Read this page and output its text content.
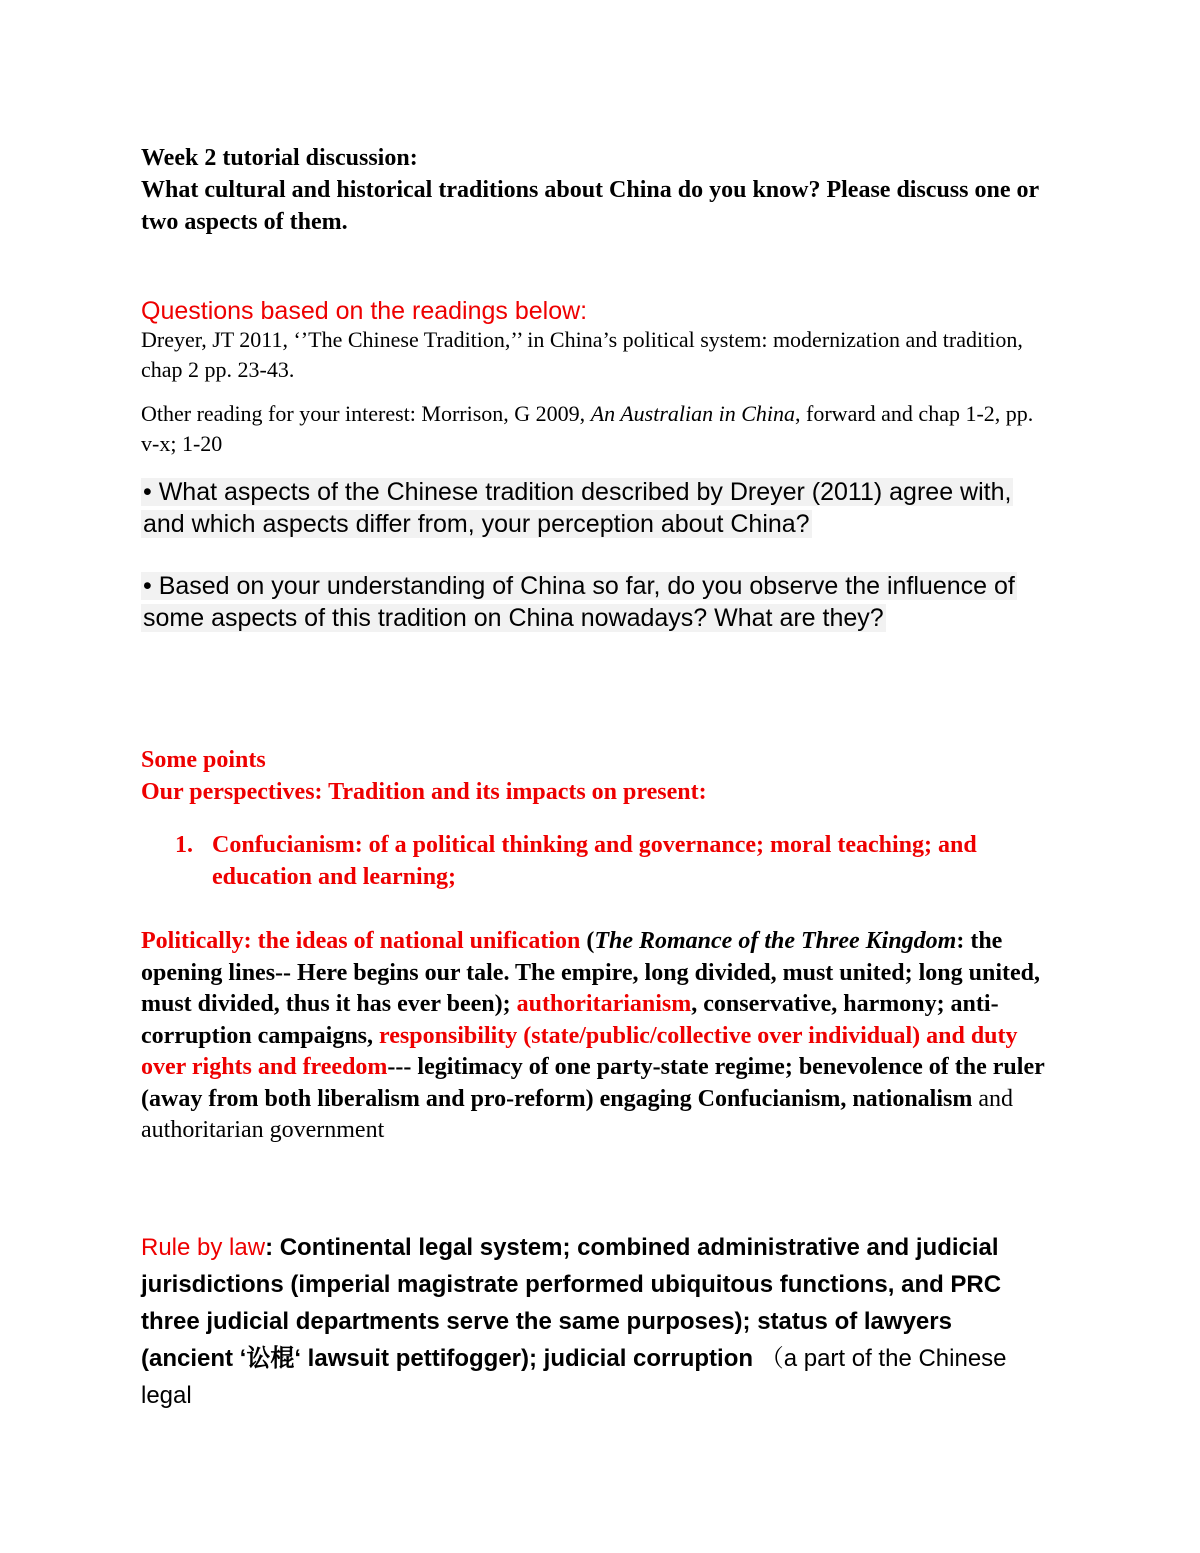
Week 2 tutorial discussion:
What cultural and historical traditions about China do you know? Please discuss one or two aspects of them.
Questions based on the readings below:
Dreyer, JT 2011, ‘’The Chinese Tradition,’’ in China’s political system: modernization and tradition, chap 2 pp. 23-43.
Other reading for your interest: Morrison, G 2009, An Australian in China, forward and chap 1-2, pp. v-x; 1-20
• What aspects of the Chinese tradition described by Dreyer (2011) agree with, and which aspects differ from, your perception about China?
• Based on your understanding of China so far, do you observe the influence of some aspects of this tradition on China nowadays? What are they?
Some points
Our perspectives: Tradition and its impacts on present:
1. Confucianism: of a political thinking and governance; moral teaching; and education and learning;
Politically: the ideas of national unification (The Romance of the Three Kingdom: the opening lines-- Here begins our tale. The empire, long divided, must united; long united, must divided, thus it has ever been); authoritarianism, conservative, harmony; anti-corruption campaigns, responsibility (state/public/collective over individual) and duty over rights and freedom--- legitimacy of one party-state regime; benevolence of the ruler (away from both liberalism and pro-reform) engaging Confucianism, nationalism and authoritarian government
Rule by law: Continental legal system; combined administrative and judicial jurisdictions (imperial magistrate performed ubiquitous functions, and PRC three judicial departments serve the same purposes); status of lawyers (ancient ‘讼棍‘ lawsuit pettifogger); judicial corruption （a part of the Chinese legal
